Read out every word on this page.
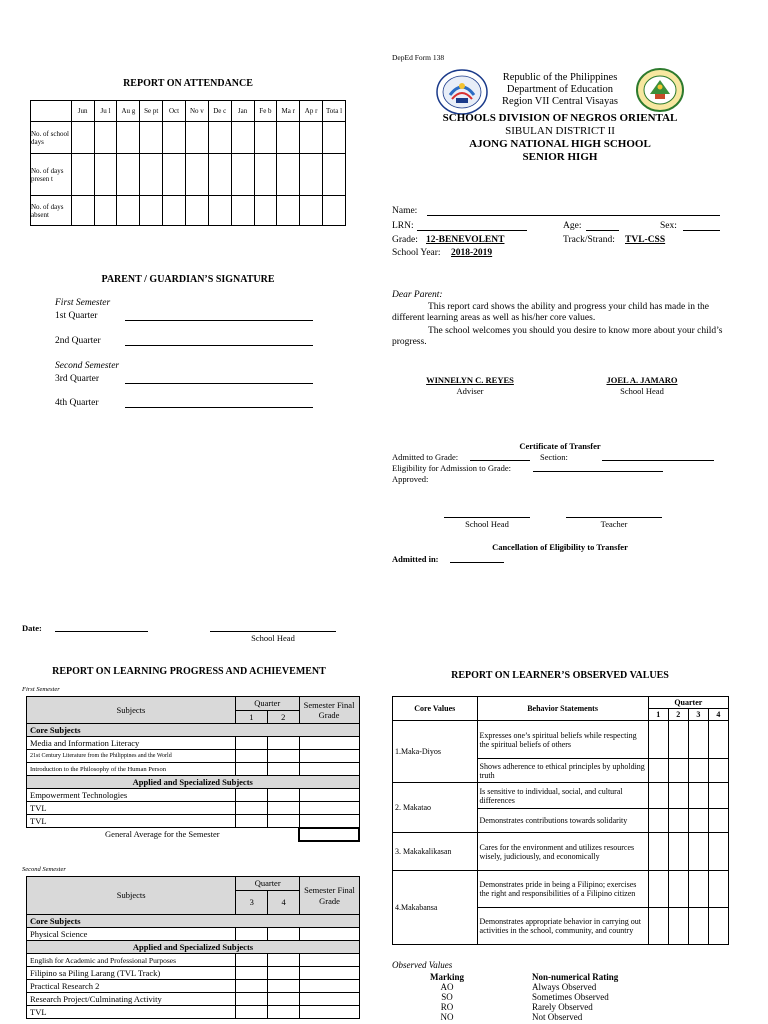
REPORT ON ATTENDANCE
	Jun	Ju l	Au g	Se pt	Oct	No v	De c	Jan	Fe b	Ma r	Ap r	Tota l
No. of school days												
No. of days presen t												
No. of days absent												
PARENT / GUARDIAN’S SIGNATURE
First Semester
1st Quarter
2nd Quarter
Second Semester
3rd Quarter
4th Quarter
Date:
School Head
DepEd Form 138
Republic of the Philippines
Department of Education
Region VII Central Visayas
SCHOOLS DIVISION OF NEGROS ORIENTAL
SIBULAN DISTRICT II
AJONG NATIONAL HIGH SCHOOL
SENIOR HIGH
Name:
LRN:	Age:	Sex:
Grade: 12-BENEVOLENT	Track/Strand: TVL-CSS
School Year: 2018-2019
Dear Parent:
This report card shows the ability and progress your child has made in the different learning areas as well as his/her core values.
The school welcomes you should you desire to know more about your child’s progress.
WINNELYN C. REYES
Adviser
JOEL A. JAMARO
School Head
Certificate of Transfer
Admitted to Grade:	Section:
Eligibility for Admission to Grade:
Approved:
School Head	Teacher
Cancellation of Eligibility to Transfer
Admitted in:
REPORT ON LEARNING PROGRESS AND ACHIEVEMENT
First Semester
Subjects	Quarter		Semester Final Grade
	1	2	
Core Subjects			
Media and Information Literacy			
21st Century Literature from the Philippines and the World			
Introduction to the Philosophy of the Human Person			
Applied and Specialized Subjects			
Empowerment Technologies			
TVL			
TVL			
General Average for the Semester			
Second Semester
Subjects	Quarter		Semester Final Grade
	3	4	
Core Subjects			
Physical Science			
Applied and Specialized Subjects			
English for Academic and Professional Purposes			
Filipino sa Piling Larang (TVL Track)			
Practical Research 2			
Research Project/Culminating Activity			
TVL			
REPORT ON LEARNER’S OBSERVED VALUES
Core Values	Behavior Statements	Quarter			
		1	2	3	4
1.Maka-Diyos	Expresses one’s spiritual beliefs while respecting the spiritual beliefs of others				
	Shows adherence to ethical principles by upholding truth				
2. Makatao	Is sensitive to individual, social, and cultural differences				
	Demonstrates contributions towards solidarity				
3. Makakalikasan	Cares for the environment and utilizes resources wisely, judiciously, and economically				
4.Makabansa	Demonstrates pride in being a Filipino; exercises the right and responsibilities of a Filipino citizen				
	Demonstrates appropriate behavior in carrying out activities in the school, community, and country				
Observed Values
Marking	Non-numerical Rating
AO	Always Observed
SO	Sometimes Observed
RO	Rarely Observed
NO	Not Observed
